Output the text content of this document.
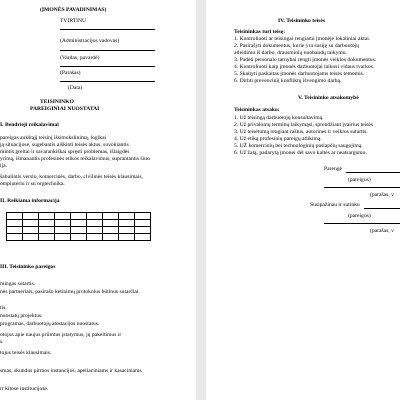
(ĮMONĖS PAVADINIMAS)
TVIRTINU
(Administracijos vadovas)
(Vardas, pavardė)
(Parašas)
(Data)
TEISININKO
PAREIGINIAI NUOSTATAI
I. Bendrieji reikalavimai
pareigas aukštąjį teisinį išsimokslinimą, logikai
ją situacijose, sugebantis aiškinti teisės aktus, suvokiantis
mintis greitai ir savarankiškai spręsti problemas, išlaigdės
yrimą, išmanantis profesinės etikos reikalavimus, suprantantis šiuo
ija.
šabulintis verslo, komercinės, darbo, civilinės teisės klausimais,
ompiuteriu ir su orgtechnika.
II. Reikiama informacija

III. Teisininko pareigos
mingas sutartis.
nės partneriais, pasirašo ketinimų protokolus būtinus sutarčiai
tis.
nuostatų projektus.
programas, darbuotojų atestacijos nuostatus.
otojus apie naujus priimtus įstatymus, jų pakeitimus ir
s.
tojus teisės klausimais.
smas, skundus pirmos instancijos, apeliaciniams ir kasaciniams
rr kitose institucijose.
IV. Teisininko teisės
Teisininkas turi teisę:
1. Kontroliuoti ar teisingai rengiami įmonėje lokaliniai aktai.
2. Pasirašyti dokumentus, kurie yra susiję su darbuotojų
atleidimu iš darbo, drausminių nuobaudų taikymu.
3. Padėti personalo tarnybai rengti įmonės veiklos dokumentus.
4. Kontroliuoti kaip įmonės darbuotojai laikosi vidaus tvarkos.
5. Skaityti paskaitas įmonės darbuotojams teisės temomis.
6. Dirbti prevenciniį konfliktų išvengimo darbą.
V. Teisininko atsakomybė
Teisininkas atsako:
1. Už teisingą darbuotojų konsultavimą.
2. Už privalomų terminų laikymąsi, sprendžiant įvairius teisės
3. Už teisėtumą rengiant raštus, autorines ir veiklos sutartis.
4. Už etiką profesinių pareigų atlikimą.
5. UŽ komercinių bei technologinių paslapčių saugojimą.
6. Už žalą, padarytą įmonei dėl savo kaltės ar neatsargumo.
Parengė
(pareigos)
(parašas, v
Susipažinau ir sutinku
(pareigos)
(parašas, v
